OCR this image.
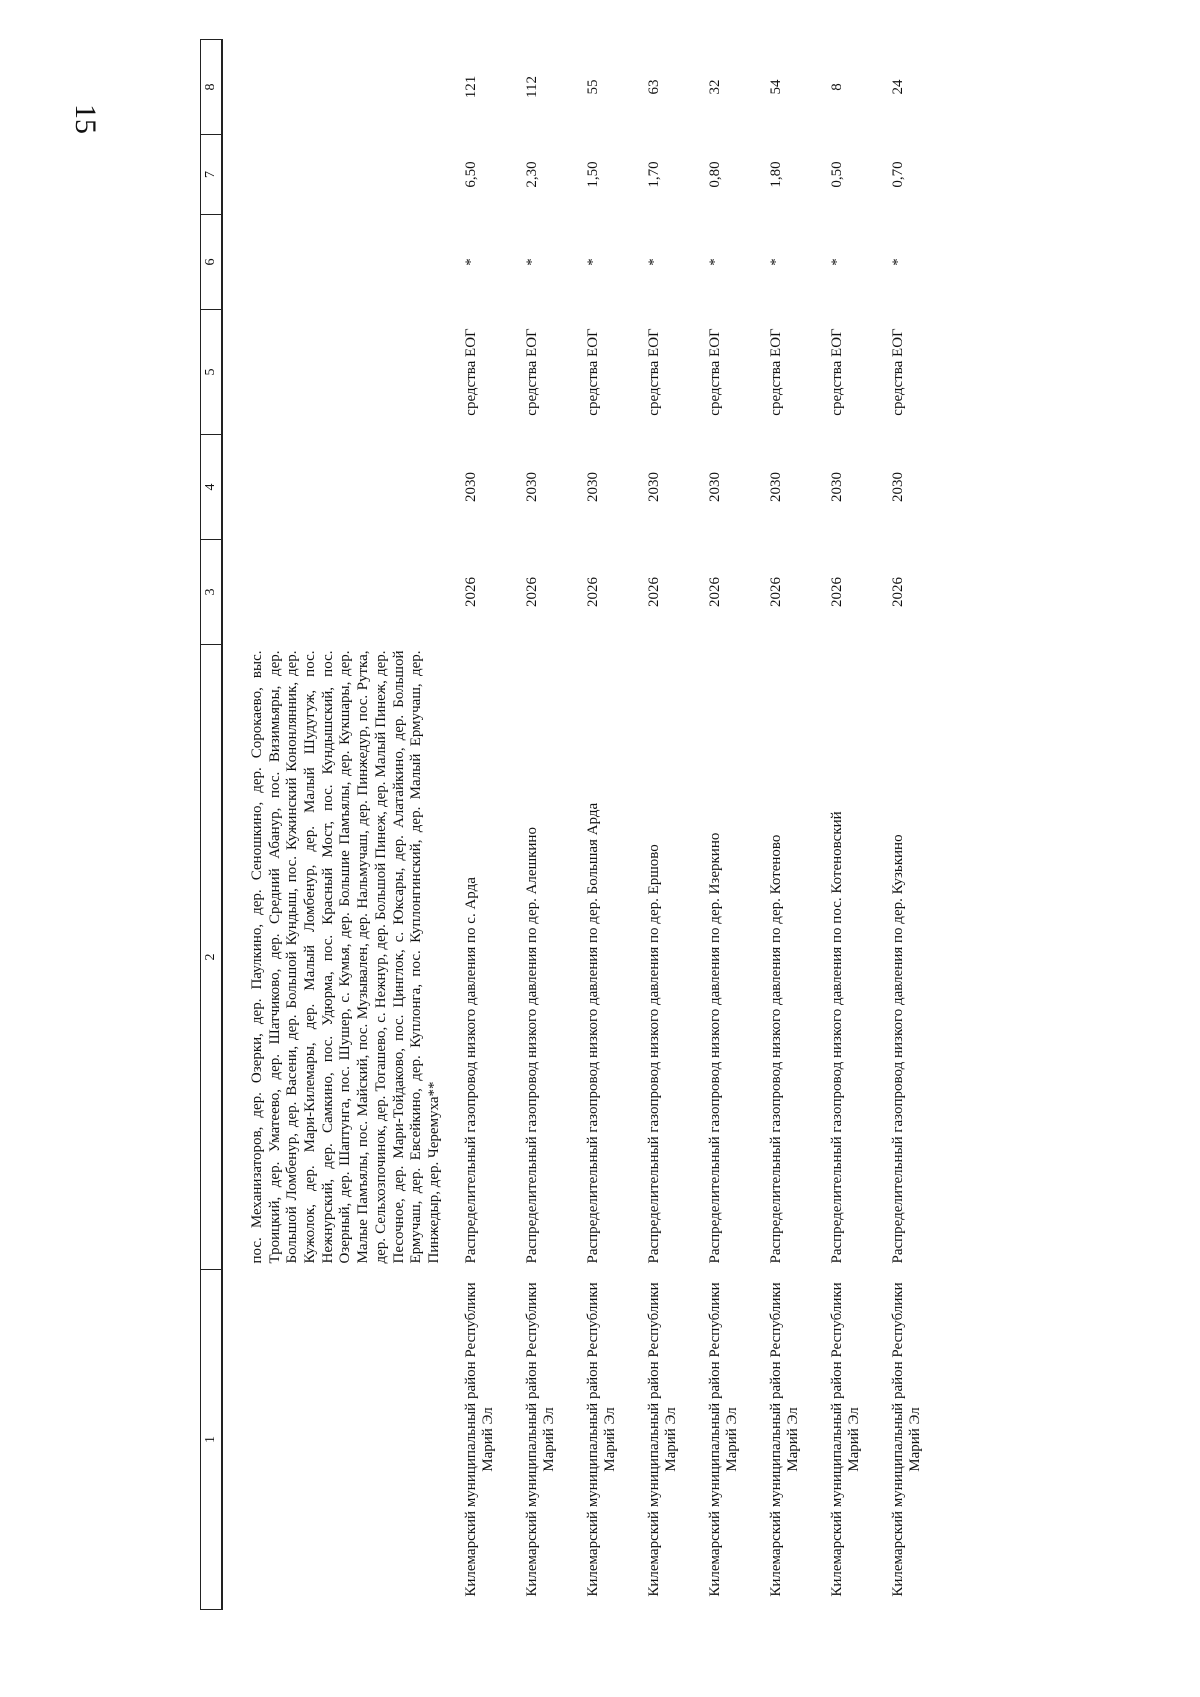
15
1	2	3	4	5	6	7	8
	пос. Механизаторов, дер. Озерки, дер. Паулкино, дер. Сеношкино, дер. Сорокаево, выс. Троицкий, дер. Уматеево, дер. Шатчиково, дер. Средний Абанур, пос. Визимьяры, дер. Большой Ломбенур, дер. Васени, дер. Большой Кундыш, пос. Кужинский Кононлянник, дер. Кужолок, дер. Мари-Килемары, дер. Малый Ломбенур, дер. Малый Шудугуж, пос. Нежнурский, дер. Самкино, пос. Удюрма, пос. Красный Мост, пос. Кундышский, пос. Озерный, дер. Шаптунга, пос. Шушер, с. Кумья, дер. Большие Памъялы, дер. Кукшары, дер. Малые Памъялы, пос. Майский, пос. Музывален, дер. Нальмучаш, дер. Пинжедур, пос. Рутка, дер. Сельхозпочинок, дер. Тогашево, с. Нежнур, дер. Большой Пинеж, дер. Малый Пинеж, дер. Песочное, дер. Мари-Тойдаково, пос. Цинглок, с. Юксары, дер. Алатайкино, дер. Большой Ермучаш, дер. Евсейкино, дер. Куплонга, пос. Куплонгинский, дер. Малый Ермучаш, дер. Пинжедыр, дер. Черемуха**						
Килемарский муниципальный район Республики Марий Эл	Распределительный газопровод низкого давления по с. Арда	2026	2030	средства ЕОГ	*	6,50	121
Килемарский муниципальный район Республики Марий Эл	Распределительный газопровод низкого давления по дер. Алешкино	2026	2030	средства ЕОГ	*	2,30	112
Килемарский муниципальный район Республики Марий Эл	Распределительный газопровод низкого давления по дер. Большая Арда	2026	2030	средства ЕОГ	*	1,50	55
Килемарский муниципальный район Республики Марий Эл	Распределительный газопровод низкого давления по дер. Ершово	2026	2030	средства ЕОГ	*	1,70	63
Килемарский муниципальный район Республики Марий Эл	Распределительный газопровод низкого давления по дер. Изеркино	2026	2030	средства ЕОГ	*	0,80	32
Килемарский муниципальный район Республики Марий Эл	Распределительный газопровод низкого давления по дер. Котеново	2026	2030	средства ЕОГ	*	1,80	54
Килемарский муниципальный район Республики Марий Эл	Распределительный газопровод низкого давления по пос. Котеновский	2026	2030	средства ЕОГ	*	0,50	8
Килемарский муниципальный район Республики Марий Эл	Распределительный газопровод низкого давления по дер. Кузькино	2026	2030	средства ЕОГ	*	0,70	24
